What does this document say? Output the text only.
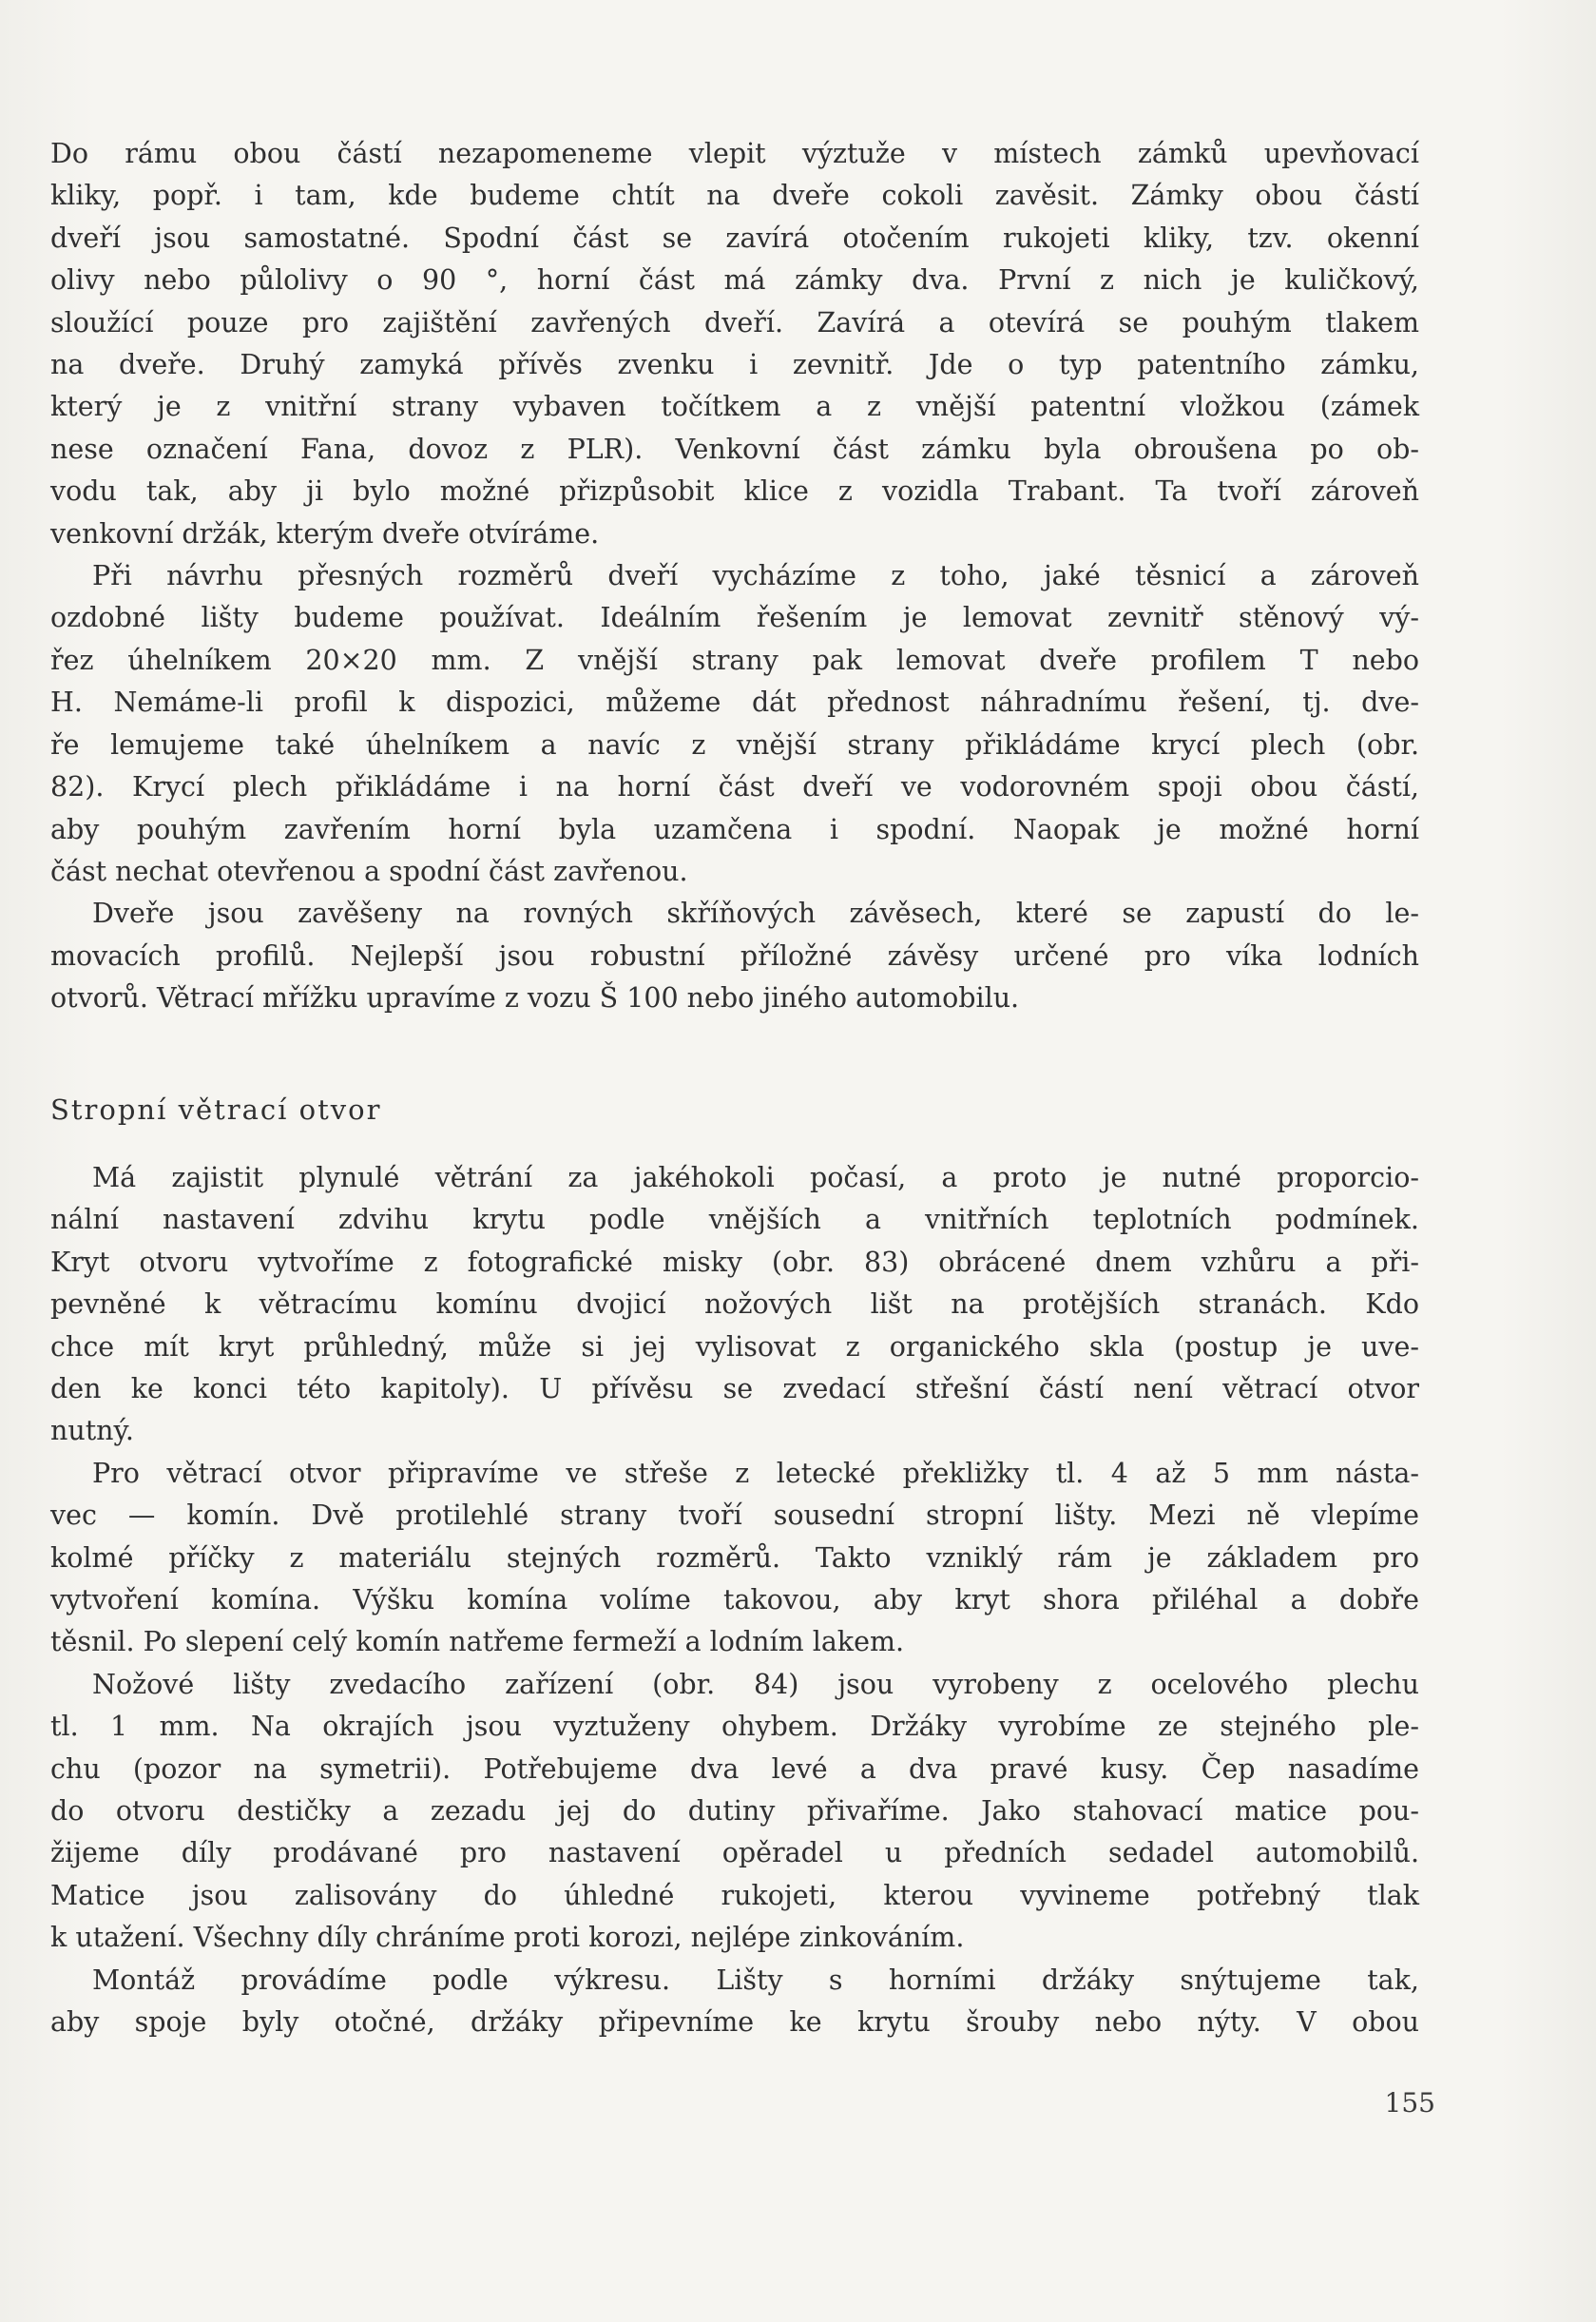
Do rámu obou částí nezapomeneme vlepit výztuže v místech zámků upevňovací
kliky, popř. i tam, kde budeme chtít na dveře cokoli zavěsit. Zámky obou částí
dveří jsou samostatné. Spodní část se zavírá otočením rukojeti kliky, tzv. okenní
olivy nebo půlolivy o 90 °, horní část má zámky dva. První z nich je kuličkový,
sloužící pouze pro zajištění zavřených dveří. Zavírá a otevírá se pouhým tlakem
na dveře. Druhý zamyká přívěs zvenku i zevnitř. Jde o typ patentního zámku,
který je z vnitřní strany vybaven točítkem a z vnější patentní vložkou (zámek
nese označení Fana, dovoz z PLR). Venkovní část zámku byla obroušena po ob-
vodu tak, aby ji bylo možné přizpůsobit klice z vozidla Trabant. Ta tvoří zároveň
venkovní držák, kterým dveře otvíráme.

Při návrhu přesných rozměrů dveří vycházíme z toho, jaké těsnicí a zároveň
ozdobné lišty budeme používat. Ideálním řešením je lemovat zevnitř stěnový vý-
řez úhelníkem 20×20 mm. Z vnější strany pak lemovat dveře profilem T nebo
H. Nemáme-li profil k dispozici, můžeme dát přednost náhradnímu řešení, tj. dve-
ře lemujeme také úhelníkem a navíc z vnější strany přikládáme krycí plech (obr.
82). Krycí plech přikládáme i na horní část dveří ve vodorovném spoji obou částí,
aby pouhým zavřením horní byla uzamčena i spodní. Naopak je možné horní
část nechat otevřenou a spodní část zavřenou.

Dveře jsou zavěšeny na rovných skříňových závěsech, které se zapustí do le-
movacích profilů. Nejlepší jsou robustní příložné závěsy určené pro víka lodních
otvorů. Větrací mřížku upravíme z vozu Š 100 nebo jiného automobilu.

Stropní větrací otvor

Má zajistit plynulé větrání za jakéhokoli počasí, a proto je nutné proporcio-
nální nastavení zdvihu krytu podle vnějších a vnitřních teplotních podmínek.
Kryt otvoru vytvoříme z fotografické misky (obr. 83) obrácené dnem vzhůru a při-
pevněné k větracímu komínu dvojicí nožových lišt na protějších stranách. Kdo
chce mít kryt průhledný, může si jej vylisovat z organického skla (postup je uve-
den ke konci této kapitoly). U přívěsu se zvedací střešní částí není větrací otvor
nutný.

Pro větrací otvor připravíme ve střeše z letecké překližky tl. 4 až 5 mm násta-
vec — komín. Dvě protilehlé strany tvoří sousední stropní lišty. Mezi ně vlepíme
kolmé příčky z materiálu stejných rozměrů. Takto vzniklý rám je základem pro
vytvoření komína. Výšku komína volíme takovou, aby kryt shora přiléhal a dobře
těsnil. Po slepení celý komín natřeme fermeží a lodním lakem.

Nožové lišty zvedacího zařízení (obr. 84) jsou vyrobeny z ocelového plechu
tl. 1 mm. Na okrajích jsou vyztuženy ohybem. Držáky vyrobíme ze stejného ple-
chu (pozor na symetrii). Potřebujeme dva levé a dva pravé kusy. Čep nasadíme
do otvoru destičky a zezadu jej do dutiny přivaříme. Jako stahovací matice pou-
žijeme díly prodávané pro nastavení opěradel u předních sedadel automobilů.
Matice jsou zalisovány do úhledné rukojeti, kterou vyvineme potřebný tlak
k utažení. Všechny díly chráníme proti korozi, nejlépe zinkováním.

Montáž provádíme podle výkresu. Lišty s horními držáky snýtujeme tak,
aby spoje byly otočné, držáky připevníme ke krytu šrouby nebo nýty. V obou

155
